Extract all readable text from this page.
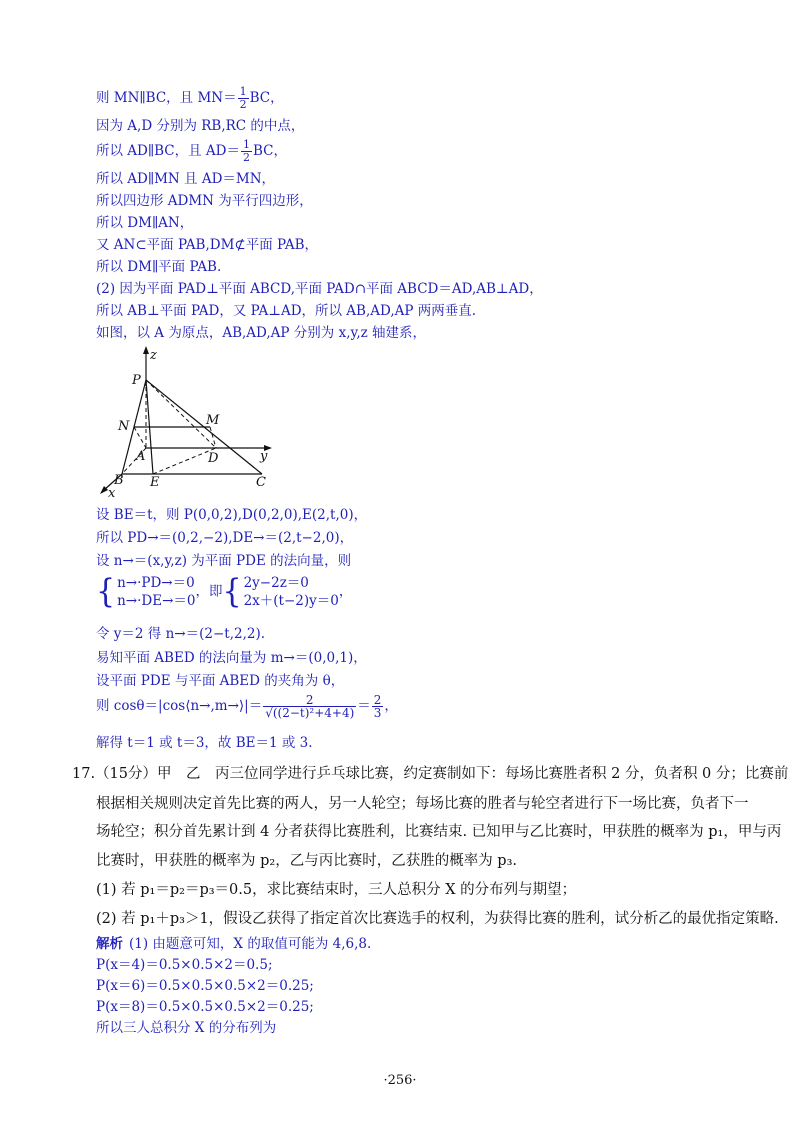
则 MN∥BC，且 $MN= \frac{1}{2}$ BC，
因为 A,D 分别为 RB,RC 的中点，
所以 AD∥BC，且 $AD= \frac{1}{2}$ BC，
所以 AD∥MN 且 AD＝MN，
所以四边形 ADMN 为平行四边形，
所以 DM∥AN，
又 AN⊂平面 PAB,DM⊄平面 PAB，
所以 DM∥平面 PAB.
(2) 因为平面 PAD⊥平面 ABCD,平面 PAD∩平面 ABCD＝AD,AB⊥AD，
所以 AB⊥平面 PAD，又 PA⊥AD，所以 AB,AD,AP 两两垂直.
如图，以 A 为原点，AB,AD,AP 分别为 x,y,z 轴建系，
z
P
N	M
A	D	y
B E	C
x
设 BE＝t，则 P(0,0,2),D(0,2,0),E(2,t,0)，
所以 PD→＝(0,2,−2),DE→＝(2,t−2,0)，
设 n→＝(x,y,z) 为平面 PDE 的法向量，则
{ n→·PD→＝0
n→·DE→＝0，即{ 2y−2z＝0
2x＋(t−2)y＝0，
令 y＝2 得 n→＝(2−t,2,2).
易知平面 ABED 的法向量为 m→＝(0,0,1)，
设平面 PDE 与平面 ABED 的夹角为 θ，
则 cosθ＝|cos⟨n→,m→⟩|＝ $\frac{2}{\text{√((2−t)²+4+4)}} = \frac{2}{3}$ ，
解得 t＝1 或 t＝3，故 BE＝1 或 3.
17.（15分）甲　乙　丙三位同学进行乒乓球比赛，约定赛制如下：每场比赛胜者积 2 分，负者积 0 分；比赛前
根据相关规则决定首先比赛的两人，另一人轮空；每场比赛的胜者与轮空者进行下一场比赛，负者下一
场轮空；积分首先累计到 4 分者获得比赛胜利，比赛结束. 已知甲与乙比赛时，甲获胜的概率为 p₁，甲与丙
比赛时，甲获胜的概率为 p₂，乙与丙比赛时，乙获胜的概率为 p₃.
(1) 若 p₁＝p₂＝p₃＝0.5，求比赛结束时，三人总积分 X 的分布列与期望；
(2) 若 p₁＋p₃＞1，假设乙获得了指定首次比赛选手的权利，为获得比赛的胜利，试分析乙的最优指定策略.
解析 (1) 由题意可知，X 的取值可能为 4,6,8.
P(x＝4)＝0.5×0.5×2＝0.5;
P(x＝6)＝0.5×0.5×0.5×2＝0.25;
P(x＝8)＝0.5×0.5×0.5×2＝0.25;
所以三人总积分 X 的分布列为
·256·
